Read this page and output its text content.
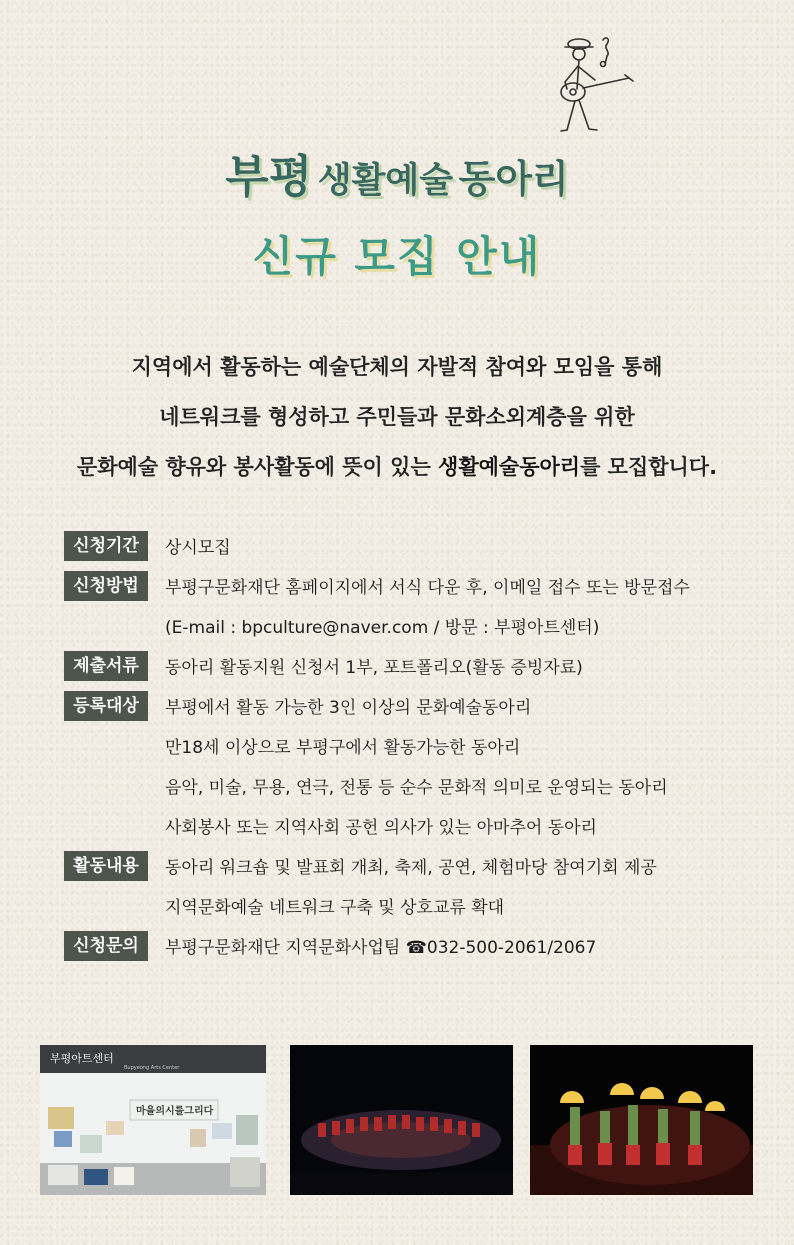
부평 생활예술 동아리
신규 모집 안내
지역에서 활동하는 예술단체의 자발적 참여와 모임을 통해
네트워크를 형성하고 주민들과 문화소외계층을 위한
문화예술 향유와 봉사활동에 뜻이 있는 생활예술동아리를 모집합니다.
신청기간	상시모집
신청방법	부평구문화재단 홈페이지에서 서식 다운 후, 이메일 접수 또는 방문접수
(E-mail : bpculture@naver.com / 방문 : 부평아트센터)
제출서류	동아리 활동지원 신청서 1부, 포트폴리오(활동 증빙자료)
등록대상	부평에서 활동 가능한 3인 이상의 문화예술동아리
만18세 이상으로 부평구에서 활동가능한 동아리
음악, 미술, 무용, 연극, 전통 등 순수 문화적 의미로 운영되는 동아리
사회봉사 또는 지역사회 공헌 의사가 있는 아마추어 동아리
활동내용	동아리 워크숍 및 발표회 개최, 축제, 공연, 체험마당 참여기회 제공
지역문화예술 네트워크 구축 및 상호교류 확대
신청문의	부평구문화재단 지역문화사업팀 ☎032-500-2061/2067
부평아트센터
Bupyeong Arts Center
마을의시를그리다
